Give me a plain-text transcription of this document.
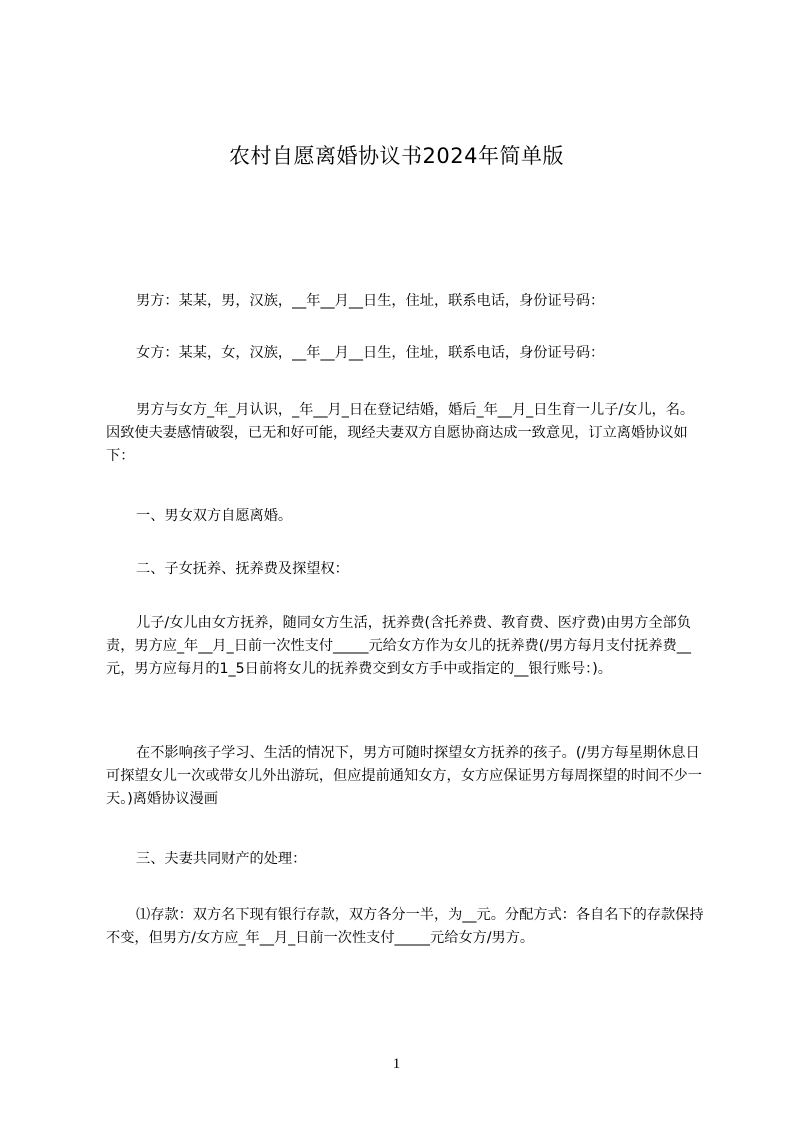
农村自愿离婚协议书2024年简单版
男方：某某，男，汉族，__年__月__日生，住址，联系电话，身份证号码：
女方：某某，女，汉族，__年__月__日生，住址，联系电话，身份证号码：
男方与女方_年_月认识，_年__月_日在登记结婚，婚后_年__月_日生育一儿子/女儿，名。因致使夫妻感情破裂，已无和好可能，现经夫妻双方自愿协商达成一致意见，订立离婚协议如下：
一、男女双方自愿离婚。
二、子女抚养、抚养费及探望权：
儿子/女儿由女方抚养，随同女方生活，抚养费(含托养费、教育费、医疗费)由男方全部负责，男方应_年__月_日前一次性支付_____元给女方作为女儿的抚养费(/男方每月支付抚养费__元，男方应每月的1_5日前将女儿的抚养费交到女方手中或指定的__银行账号：)。
在不影响孩子学习、生活的情况下，男方可随时探望女方抚养的孩子。(/男方每星期休息日可探望女儿一次或带女儿外出游玩，但应提前通知女方，女方应保证男方每周探望的时间不少一天。)离婚协议漫画
三、夫妻共同财产的处理：
⑴存款：双方名下现有银行存款，双方各分一半，为__元。分配方式：各自名下的存款保持不变，但男方/女方应_年__月_日前一次性支付_____元给女方/男方。
1
